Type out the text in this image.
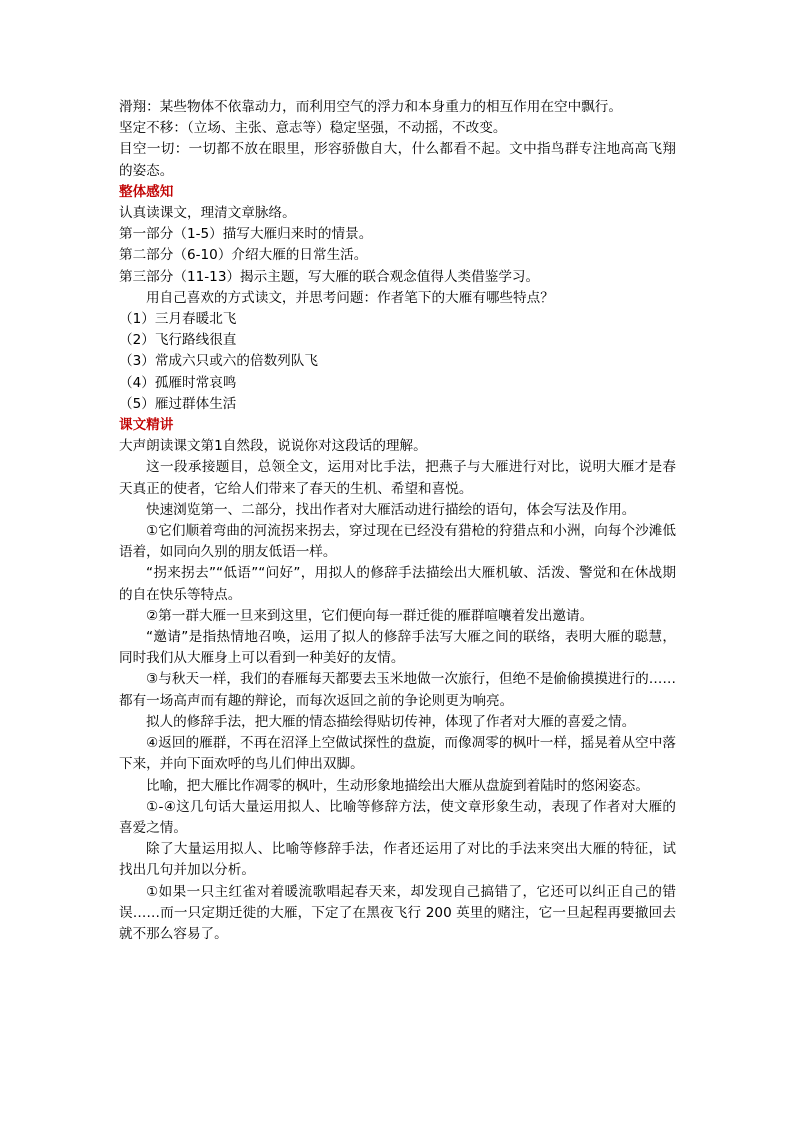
滑翔：某些物体不依靠动力，而利用空气的浮力和本身重力的相互作用在空中飘行。

坚定不移：（立场、主张、意志等）稳定坚强，不动摇，不改变。

目空一切：一切都不放在眼里，形容骄傲自大，什么都看不起。文中指鸟群专注地高高飞翔的姿态。

整体感知

认真读课文，理清文章脉络。

第一部分（1-5）描写大雁归来时的情景。

第二部分（6-10）介绍大雁的日常生活。

第三部分（11-13）揭示主题，写大雁的联合观念值得人类借鉴学习。

用自己喜欢的方式读文，并思考问题：作者笔下的大雁有哪些特点？

（1）三月春暖北飞

（2）飞行路线很直

（3）常成六只或六的倍数列队飞

（4）孤雁时常哀鸣

（5）雁过群体生活

课文精讲

大声朗读课文第1自然段，说说你对这段话的理解。

这一段承接题目，总领全文，运用对比手法，把燕子与大雁进行对比，说明大雁才是春天真正的使者，它给人们带来了春天的生机、希望和喜悦。

快速浏览第一、二部分，找出作者对大雁活动进行描绘的语句，体会写法及作用。

①它们顺着弯曲的河流拐来拐去，穿过现在已经没有猎枪的狩猎点和小洲，向每个沙滩低语着，如同向久别的朋友低语一样。

“拐来拐去”“低语”“问好”，用拟人的修辞手法描绘出大雁机敏、活泼、警觉和在休战期的自在快乐等特点。

②第一群大雁一旦来到这里，它们便向每一群迁徙的雁群喧嚷着发出邀请。

“邀请”是指热情地召唤，运用了拟人的修辞手法写大雁之间的联络，表明大雁的聪慧，同时我们从大雁身上可以看到一种美好的友情。

③与秋天一样，我们的春雁每天都要去玉米地做一次旅行，但绝不是偷偷摸摸进行的……都有一场高声而有趣的辩论，而每次返回之前的争论则更为响亮。

拟人的修辞手法，把大雁的情态描绘得贴切传神，体现了作者对大雁的喜爱之情。

④返回的雁群，不再在沼泽上空做试探性的盘旋，而像凋零的枫叶一样，摇晃着从空中落下来，并向下面欢呼的鸟儿们伸出双脚。

比喻，把大雁比作凋零的枫叶，生动形象地描绘出大雁从盘旋到着陆时的悠闲姿态。

①-④这几句话大量运用拟人、比喻等修辞方法，使文章形象生动，表现了作者对大雁的喜爱之情。

除了大量运用拟人、比喻等修辞手法，作者还运用了对比的手法来突出大雁的特征，试找出几句并加以分析。

①如果一只主红雀对着暖流歌唱起春天来，却发现自己搞错了，它还可以纠正自己的错误……而一只定期迁徙的大雁，下定了在黑夜飞行 200 英里的赌注，它一旦起程再要撤回去就不那么容易了。
